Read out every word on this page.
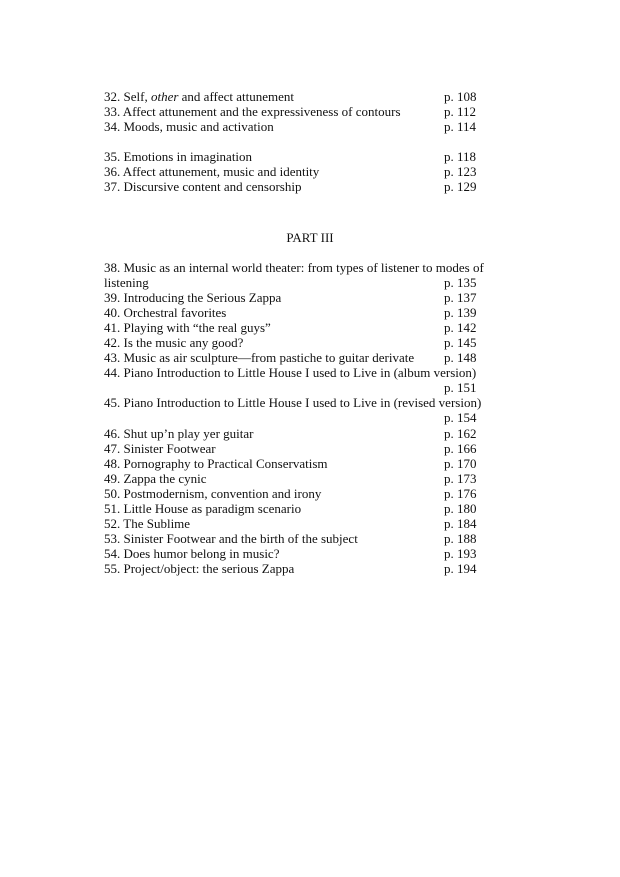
32. Self, other and affect attunement	p. 108
33. Affect attunement and the expressiveness of contours	p. 112
34. Moods, music and activation	p. 114
35. Emotions in imagination	p. 118
36. Affect attunement, music and identity	p. 123
37. Discursive content and censorship	p. 129
PART III
38. Music as an internal world theater: from types of listener to modes of
listening	p. 135
39. Introducing the Serious Zappa	p. 137
40. Orchestral favorites	p. 139
41. Playing with “the real guys”	p. 142
42. Is the music any good?	p. 145
43. Music as air sculpture—from pastiche to guitar derivate p. 148
44. Piano Introduction to Little House I used to Live in (album version)
p. 151
45. Piano Introduction to Little House I used to Live in (revised version)
p. 154
46. Shut up’n play yer guitar	p. 162
47. Sinister Footwear	p. 166
48. Pornography to Practical Conservatism	p. 170
49. Zappa the cynic	p. 173
50. Postmodernism, convention and irony	p. 176
51. Little House as paradigm scenario	p. 180
52. The Sublime	p. 184
53. Sinister Footwear and the birth of the subject	p. 188
54. Does humor belong in music?	p. 193
55. Project/object: the serious Zappa	p. 194
